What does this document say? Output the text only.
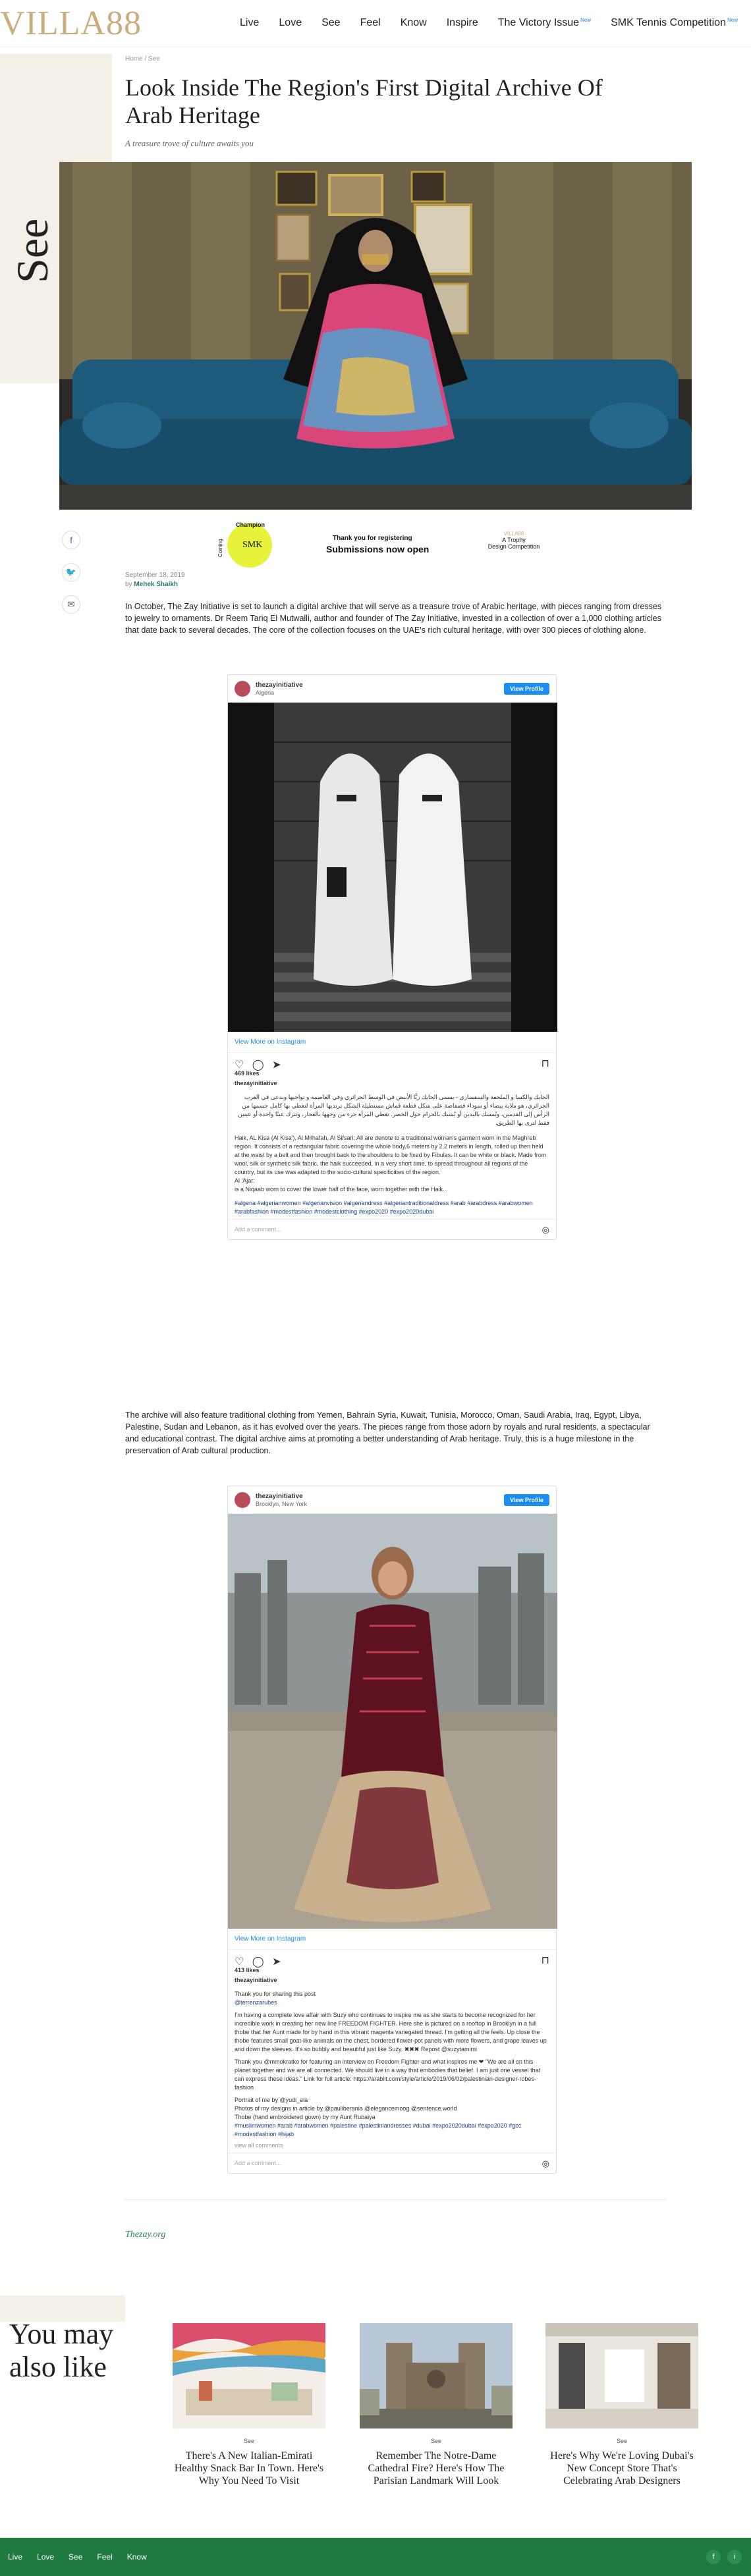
VILLA88	Live Love See Feel Know Inspire The Victory Issue $^{New}$ SMK Tennis Competition $^{New}$
See
Home / See
Look Inside The Region's First Digital Archive Of Arab Heritage
A treasure trove of culture awaits you
f
🐦
✉
Coming
Champion
SMK
Thank you for registering
Submissions now open
VILLA88
A Trophy
Design Competition
September 18, 2019
by Mehek Shaikh
In October, The Zay Initiative is set to launch a digital archive that will serve as a treasure trove of Arabic heritage, with pieces ranging from dresses to jewelry to ornaments. Dr Reem Tariq El Mutwalli, author and founder of The Zay Initiative, invested in a collection of over a 1,000 clothing articles that date back to several decades. The core of the collection focuses on the UAE's rich cultural heritage, with over 300 pieces of clothing alone.
thezayinitiative
Algeria
View Profile
View More on Instagram
♡ ◯ ➤	⊓
469 likes
thezayinitiative
الحايك والكسا و الملحفة والسفساري - يسمى الحايك زيًّا الأبيض في الوسط الجزائري وفي العاصمة و نواحيها ويدعى في الغرب الجزائري، هو ملاية بيضاء أو سوداء فضفاضة على شكل قطعة قماش مستطيلة الشكل ترتديها المرأة لتغطي بها كامل جسمها من الرأس إلى القدمين، ويُمسك باليدين أو يُشبك بالحزام حول الخصر. تغطي المرأة جزء من وجهها بالعجار، وتترك عينًا واحدة أو عينين فقط لترى بها الطريق.
Haik, AL Kisa (Al Kisa'), Al Milhafah, Al Sifsari: All are denote to a traditional woman's garment worn in the Maghreb region. It consists of a rectangular fabric covering the whole body,6 meters by 2,2 meters in length, rolled up then held at the waist by a belt and then brought back to the shoulders to be fixed by Fibulas. It can be white or black. Made from wool, silk or synthetic silk fabric, the haik succeeded, in a very short time, to spread throughout all regions of the country, but its use was adapted to the socio-cultural specificities of the region.
Al 'Ajar:
is a Niqaab worn to cover the lower half of the face, worn together with the Haik...
#algeria #algerianwomen #algerianvision #algeriandress #algeriantraditionaldress #arab #arabdress #arabwomen #arabfashion #modestfashion #modestclothing #expo2020 #expo2020dubai
Add a comment...	◎
The archive will also feature traditional clothing from Yemen, Bahrain Syria, Kuwait, Tunisia, Morocco, Oman, Saudi Arabia, Iraq, Egypt, Libya, Palestine, Sudan and Lebanon, as it has evolved over the years. The pieces range from those adorn by royals and rural residents, a spectacular and educational contrast. The digital archive aims at promoting a better understanding of Arab heritage. Truly, this is a huge milestone in the preservation of Arab cultural production.
thezayinitiative
Brooklyn, New York
View Profile
View More on Instagram
♡ ◯ ➤	⊓
413 likes
thezayinitiative
Thank you for sharing this post
@terrenzarubes
I'm having a complete love affair with Suzy who continues to inspire me as she starts to become recognized for her incredible work in creating her new line FREEDOM FIGHTER. Here she is pictured on a rooftop in Brooklyn in a full thobe that her Aunt made for by hand in this vibrant magenta variegated thread. I'm getting all the feels. Up close the thobe features small goat-like animals on the chest, bordered flower-pot panels with more flowers, and grape leaves up and down the sleeves. It's so bubbly and beautiful just like Suzy. ✖✖✖ Repost @suzytamimi
Thank you @mmokratko for featuring an interview on Freedom Fighter and what inspires me ❤ "We are all on this planet together and we are all connected. We should live in a way that embodies that belief. I am just one vessel that can express these ideas." Link for full article: https://arablit.com/style/article/2019/06/02/palestinian-designer-robes-fashion
Portrait of me by @yudi_ela
Photos of my designs in article by @pauliberania @elegancemoog @sentence.world
Thobe (hand embroidered gown) by my Aunt Rubaiya
#muslimwomen #arab #arabwomen #palestine #palestiniandresses #dubai #expo2020dubai #expo2020 #gcc #modestfashion #hijab
view all comments
Add a comment...	◎
Thezay.org
You may
also like
See
There's A New Italian-Emirati Healthy Snack Bar In Town. Here's Why You Need To Visit
See
Remember The Notre-Dame Cathedral Fire? Here's How The Parisian Landmark Will Look
See
Here's Why We're Loving Dubai's New Concept Store That's Celebrating Arab Designers
Live Love See Feel Know	f	i
